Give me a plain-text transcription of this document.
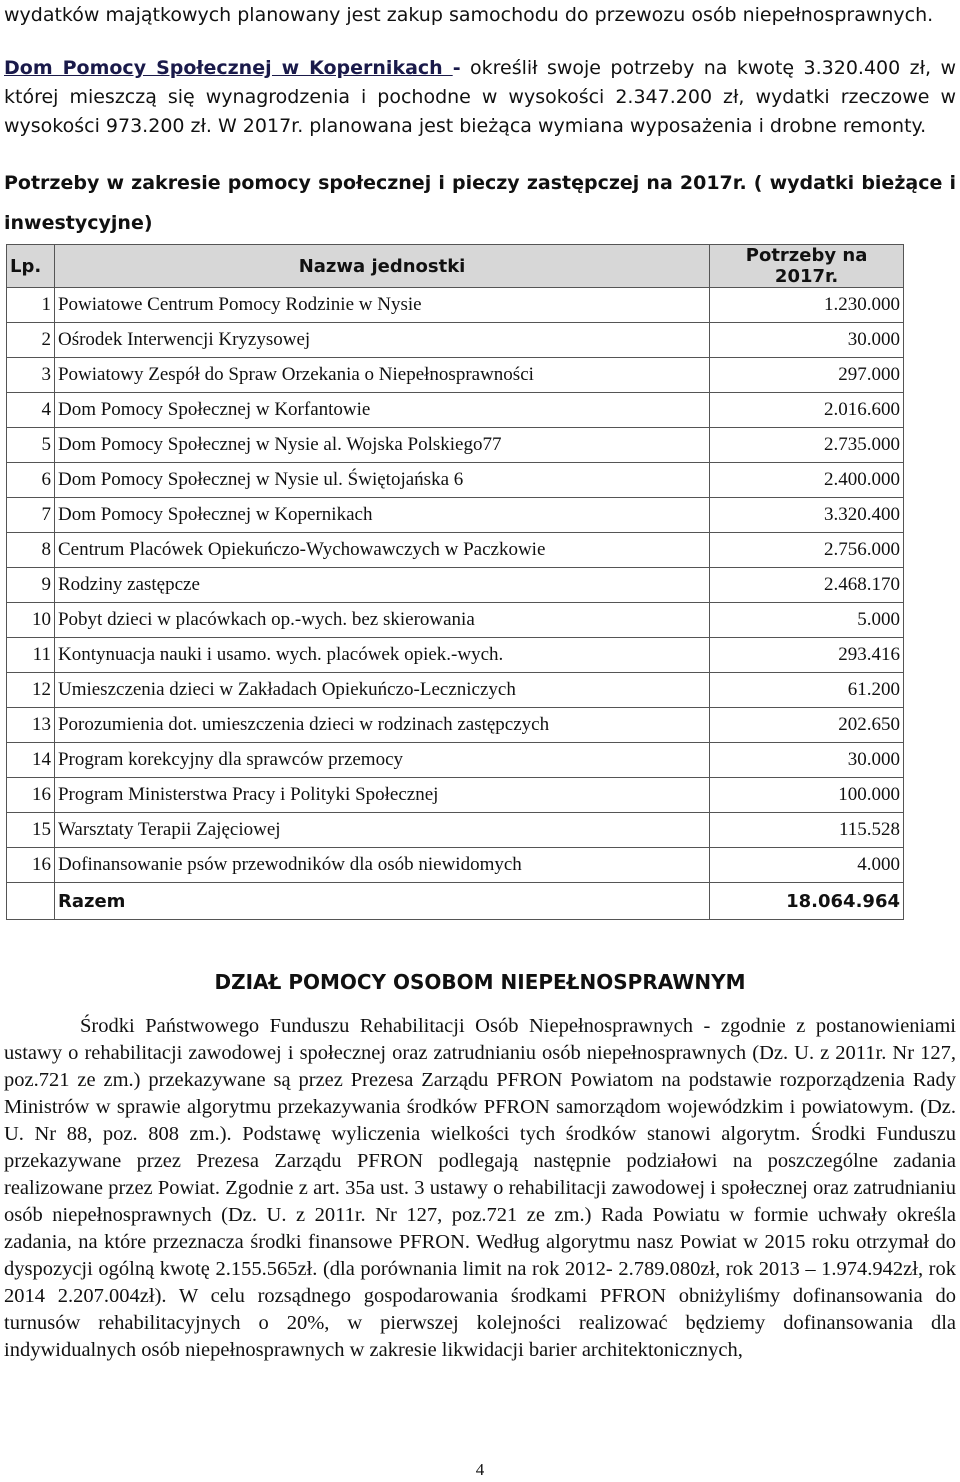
wydatków majątkowych planowany jest zakup samochodu do przewozu osób niepełnosprawnych.
Dom Pomocy Społecznej w Kopernikach - określił swoje potrzeby na kwotę 3.320.400 zł, w której mieszczą się wynagrodzenia i pochodne w wysokości 2.347.200 zł, wydatki rzeczowe w wysokości 973.200 zł. W 2017r. planowana jest bieżąca wymiana wyposażenia i drobne remonty.
Potrzeby w zakresie pomocy społecznej i pieczy zastępczej na 2017r. ( wydatki bieżące i inwestycyjne)
Lp.	Nazwa jednostki	Potrzeby na 2017r.
1	Powiatowe Centrum Pomocy Rodzinie w Nysie	1.230.000
2	Ośrodek Interwencji Kryzysowej	30.000
3	Powiatowy Zespół do Spraw Orzekania o Niepełnosprawności	297.000
4	Dom Pomocy Społecznej w Korfantowie	2.016.600
5	Dom Pomocy Społecznej w Nysie al. Wojska Polskiego77	2.735.000
6	Dom Pomocy Społecznej w Nysie ul. Świętojańska 6	2.400.000
7	Dom Pomocy Społecznej w Kopernikach	3.320.400
8	Centrum Placówek Opiekuńczo-Wychowawczych w Paczkowie	2.756.000
9	Rodziny zastępcze	2.468.170
10	Pobyt dzieci w placówkach op.-wych. bez skierowania	5.000
11	Kontynuacja nauki i usamo. wych. placówek opiek.-wych.	293.416
12	Umieszczenia dzieci w Zakładach Opiekuńczo-Leczniczych	61.200
13	Porozumienia dot. umieszczenia dzieci w rodzinach zastępczych	202.650
14	Program korekcyjny dla sprawców przemocy	30.000
16	Program Ministerstwa Pracy i Polityki Społecznej	100.000
15	Warsztaty Terapii Zajęciowej	115.528
16	Dofinansowanie psów przewodników dla osób niewidomych	4.000
	Razem	18.064.964
DZIAŁ POMOCY OSOBOM NIEPEŁNOSPRAWNYM
Środki Państwowego Funduszu Rehabilitacji Osób Niepełnosprawnych - zgodnie z postanowieniami ustawy o rehabilitacji zawodowej i społecznej oraz zatrudnianiu osób niepełnosprawnych (Dz. U. z 2011r. Nr 127, poz.721 ze zm.) przekazywane są przez Prezesa Zarządu PFRON Powiatom na podstawie rozporządzenia Rady Ministrów w sprawie algorytmu przekazywania środków PFRON samorządom wojewódzkim i powiatowym. (Dz. U. Nr 88, poz. 808 zm.). Podstawę wyliczenia wielkości tych środków stanowi algorytm. Środki Funduszu przekazywane przez Prezesa Zarządu PFRON podlegają następnie podziałowi na poszczególne zadania realizowane przez Powiat. Zgodnie z art. 35a ust. 3 ustawy o rehabilitacji zawodowej i społecznej oraz zatrudnianiu osób niepełnosprawnych (Dz. U. z 2011r. Nr 127, poz.721 ze zm.) Rada Powiatu w formie uchwały określa zadania, na które przeznacza środki finansowe PFRON. Według algorytmu nasz Powiat w 2015 roku otrzymał do dyspozycji ogólną kwotę 2.155.565zł. (dla porównania limit na rok 2012- 2.789.080zł, rok 2013 – 1.974.942zł, rok 2014 2.207.004zł). W celu rozsądnego gospodarowania środkami PFRON obniżyliśmy dofinansowania do turnusów rehabilitacyjnych o 20%, w pierwszej kolejności realizować będziemy dofinansowania dla indywidualnych osób niepełnosprawnych w zakresie likwidacji barier architektonicznych,
4
